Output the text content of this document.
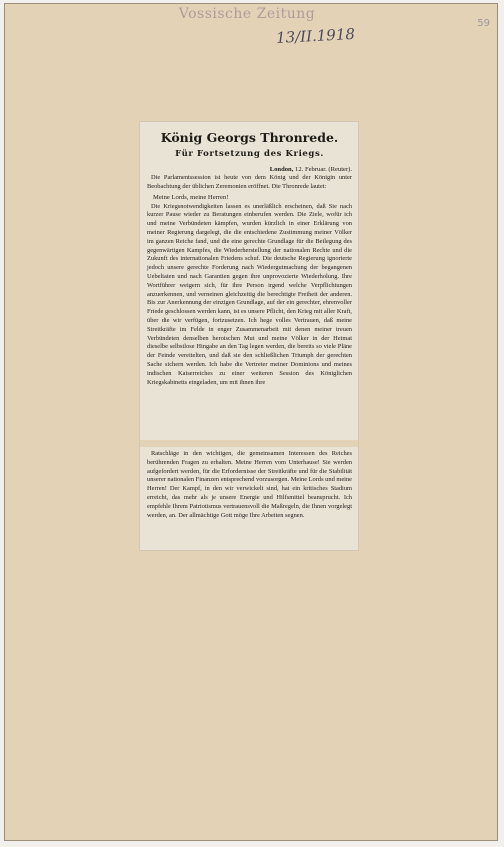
Vossische Zeitung
13/II.1918
59
König Georgs Thronrede.
Für Fortsetzung des Kriegs.

London, 12. Februar. (Reuter).

Die Parlamentssession ist heute von dem König und der Königin unter Beobachtung der üblichen Zeremonien eröffnet. Die Thronrede lautet:

Meine Lords, meine Herren!

Die Kriegsnotwendigkeiten lassen es unerläßlich erscheinen, daß Sie nach kurzer Pause wieder zu Beratungen einberufen werden. Die Ziele, wofür ich und meine Verbündeten kämpfen, wurden kürzlich in einer Erklärung von meiner Regierung dargelegt, die die entschiedene Zustimmung meiner Völker im ganzen Reiche fand, und die eine gerechte Grundlage für die Beilegung des gegenwärtigen Kampfes, die Wiederherstellung der nationalen Rechte und die Zukunft des internationalen Friedens schuf. Die deutsche Regierung ignorierte jedoch unsere gerechte Forderung nach Wiedergutmachung der begangenen Uebeltaten und nach Garantien gegen ihre unprovozierte Wiederholung. Ihre Wortführer weigern sich, für ihre Person irgend welche Verpflichtungen anzuerkennen, und verneinen gleichzeitig die berechtigte Freiheit der anderen. Bis zur Anerkennung der einzigen Grundlage, auf der ein gerechter, ehrenvoller Friede geschlossen werden kann, ist es unsere Pflicht, den Krieg mit aller Kraft, über die wir verfügen, fortzusetzen. Ich hege volles Vertrauen, daß meine Streitkräfte im Felde in enger Zusammenarbeit mit denen meiner treuen Verbündeten denselben heroischen Mut und meine Völker in der Heimat dieselbe selbstlose Hingabe an den Tag legen werden, die bereits so viele Pläne der Feinde vereitelten, und daß sie den schließlichen Triumph der gerechten Sache sichern werden. Ich habe die Vertreter meiner Dominions und meines indischen Kaiserreiches zu einer weiteren Session des Königlichen Kriegskabinetts eingeladen, um mit ihnen ihre

Ratschläge in den wichtigen, die gemeinsamen Interessen des Reiches berührenden Fragen zu erhalten. Meine Herren vom Unterhause! Sie werden aufgefordert werden, für die Erfordernisse der Streitkräfte und für die Stabilität unserer nationalen Finanzen entsprechend vorzusorgen. Meine Lords und meine Herren! Der Kampf, in den wir verwickelt sind, hat ein kritisches Stadium erreicht, das mehr als je unsere Energie und Hilfsmittel beansprucht. Ich empfehle Ihrem Patriotismus vertrauensvoll die Maßregeln, die Ihnen vorgelegt werden, an. Der allmächtige Gott möge Ihre Arbeiten segnen.
